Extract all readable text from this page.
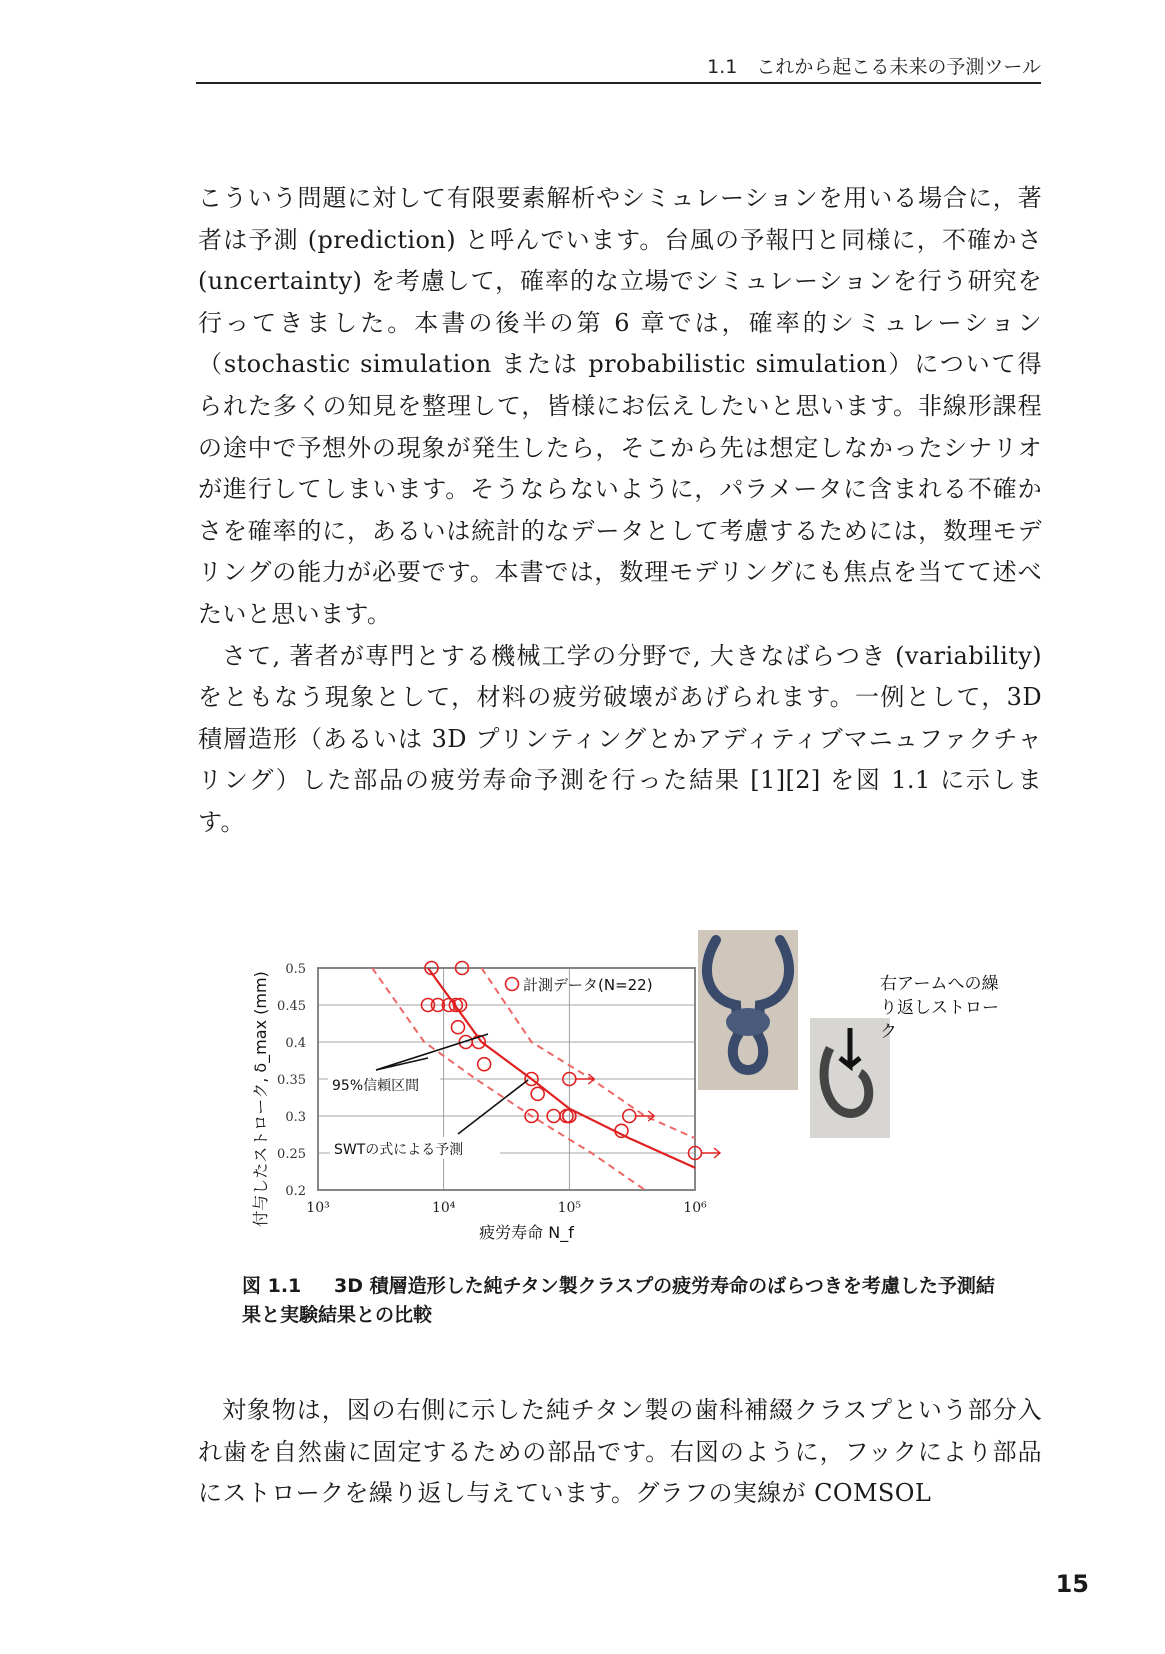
1.1　これから起こる未来の予測ツール

こういう問題に対して有限要素解析やシミュレーションを用いる場合に，著者は予測 (prediction) と呼んでいます。台風の予報円と同様に，不確かさ (uncertainty) を考慮して，確率的な立場でシミュレーションを行う研究を行ってきました。本書の後半の第 6 章では，確率的シミュレーション（stochastic simulation または probabilistic simulation）について得られた多くの知見を整理して，皆様にお伝えしたいと思います。非線形課程の途中で予想外の現象が発生したら，そこから先は想定しなかったシナリオが進行してしまいます。そうならないように，パラメータに含まれる不確かさを確率的に，あるいは統計的なデータとして考慮するためには，数理モデリングの能力が必要です。本書では，数理モデリングにも焦点を当てて述べたいと思います。

さて, 著者が専門とする機械工学の分野で, 大きなばらつき (variability) をともなう現象として，材料の疲労破壊があげられます。一例として，3D 積層造形（あるいは 3D プリンティングとかアディティブマニュファクチャリング）した部品の疲労寿命予測を行った結果 [1][2] を図 1.1 に示します。

0.5
0.45
0.4
0.35
0.3
0.25
0.2
10³	10⁴	10⁵	10⁶
疲労寿命 N_f
付与したストローク, δ_max (mm)	計測データ(N=22)
95%信頼区間
SWTの式による予測
右アームへの繰り返しストローク
図 1.1 3D 積層造形した純チタン製クラスプの疲労寿命のばらつきを考慮した予測結果と実験結果との比較

対象物は，図の右側に示した純チタン製の歯科補綴クラスプという部分入れ歯を自然歯に固定するための部品です。右図のように，フックにより部品にストロークを繰り返し与えています。グラフの実線が COMSOL

15
